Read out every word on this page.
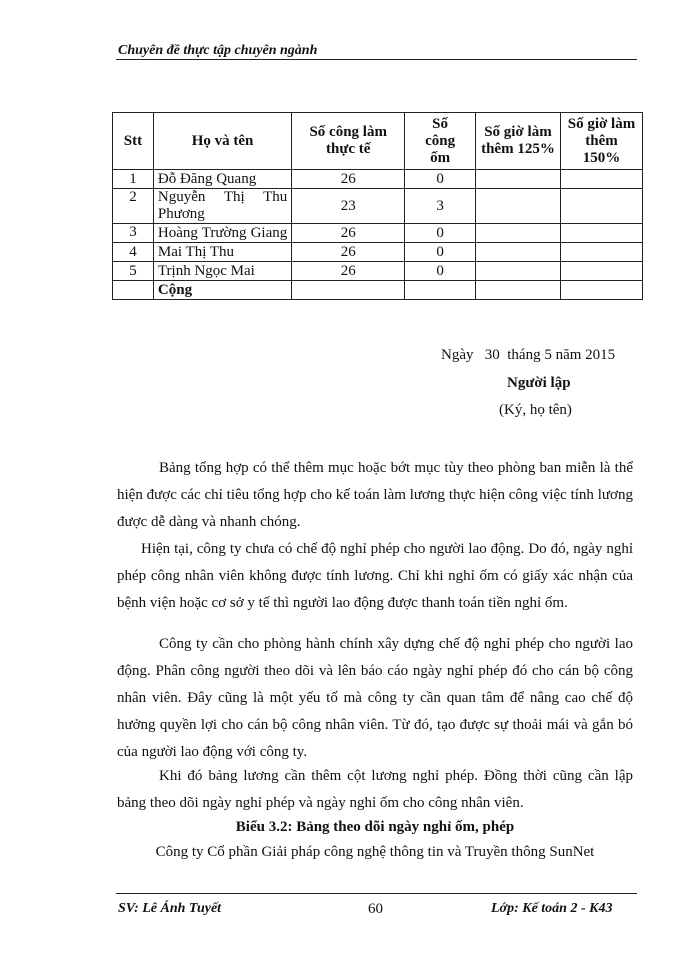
Chuyên đề thực tập chuyên ngành
Stt	Họ và tên	Số công làm thực tế	Số công ốm	Số giờ làm thêm 125%	Số giờ làm thêm 150%

1	Đỗ Đăng Quang	26	0		
2	Nguyễn Thị Thu Phương	23	3		
3	Hoàng Trường Giang	26	0		
4	Mai Thị Thu	26	0		
5	Trịnh Ngọc Mai	26	0		
	Cộng				
Ngày   30  tháng 5 năm 2015
Người lập
(Ký, họ tên)

Bảng tổng hợp có thể thêm mục hoặc bớt mục tùy theo phòng ban miễn là thể hiện được các chỉ tiêu tổng hợp cho kế toán làm lương thực hiện công việc tính lương được dễ dàng và nhanh chóng.

Hiện tại, công ty chưa có chế độ nghỉ phép cho người lao động. Do đó, ngày nghỉ phép công nhân viên không được tính lương. Chỉ khi nghỉ ốm có giấy xác nhận của bệnh viện hoặc cơ sở y tế thì người lao động được thanh toán tiền nghỉ ốm.

Công ty cần cho phòng hành chính xây dựng chế độ nghỉ phép cho người lao động. Phân công người theo dõi và lên báo cáo ngày nghỉ phép đó cho cán bộ công nhân viên. Đây cũng là một yếu tố mà công ty cần quan tâm để nâng cao chế độ hưởng quyền lợi cho cán bộ công nhân viên. Từ đó, tạo được sự thoải mái và gắn bó của người lao động với công ty.

Khi đó bảng lương cần thêm cột lương nghỉ phép. Đồng thời cũng cần lập bảng theo dõi ngày nghỉ phép và ngày nghỉ ốm cho công nhân viên.

Biểu 3.2: Bảng theo dõi ngày nghỉ ốm, phép
Công ty Cổ phần Giải pháp công nghệ thông tin và Truyền thông SunNet
SV: Lê Ánh Tuyết	60	Lớp: Kế toán 2 - K43
